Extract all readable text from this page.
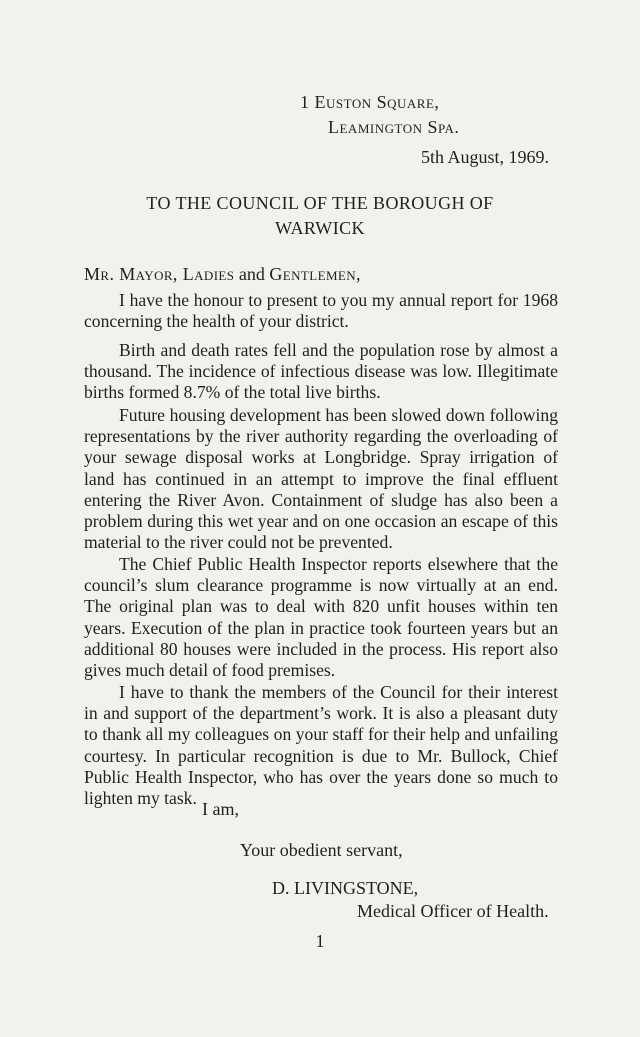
1 Euston Square,
Leamington Spa.
5th August, 1969.
TO THE COUNCIL OF THE BOROUGH OF
WARWICK
Mr. Mayor, Ladies and Gentlemen,

I have the honour to present to you my annual report for 1968 concerning the health of your district.

Birth and death rates fell and the population rose by almost a thousand. The incidence of infectious disease was low. Illegitimate births formed 8.7% of the total live births.

Future housing development has been slowed down following representations by the river authority regarding the overloading of your sewage disposal works at Longbridge. Spray irrigation of land has continued in an attempt to improve the final effluent entering the River Avon. Containment of sludge has also been a problem during this wet year and on one occasion an escape of this material to the river could not be prevented.

The Chief Public Health Inspector reports elsewhere that the council’s slum clearance programme is now virtually at an end. The original plan was to deal with 820 unfit houses within ten years. Execution of the plan in practice took fourteen years but an additional 80 houses were included in the process. His report also gives much detail of food premises.

I have to thank the members of the Council for their interest in and support of the department’s work. It is also a pleasant duty to thank all my colleagues on your staff for their help and unfailing courtesy. In particular recognition is due to Mr. Bullock, Chief Public Health Inspector, who has over the years done so much to lighten my task.

I am,
Your obedient servant,
D. LIVINGSTONE,
Medical Officer of Health.
1
